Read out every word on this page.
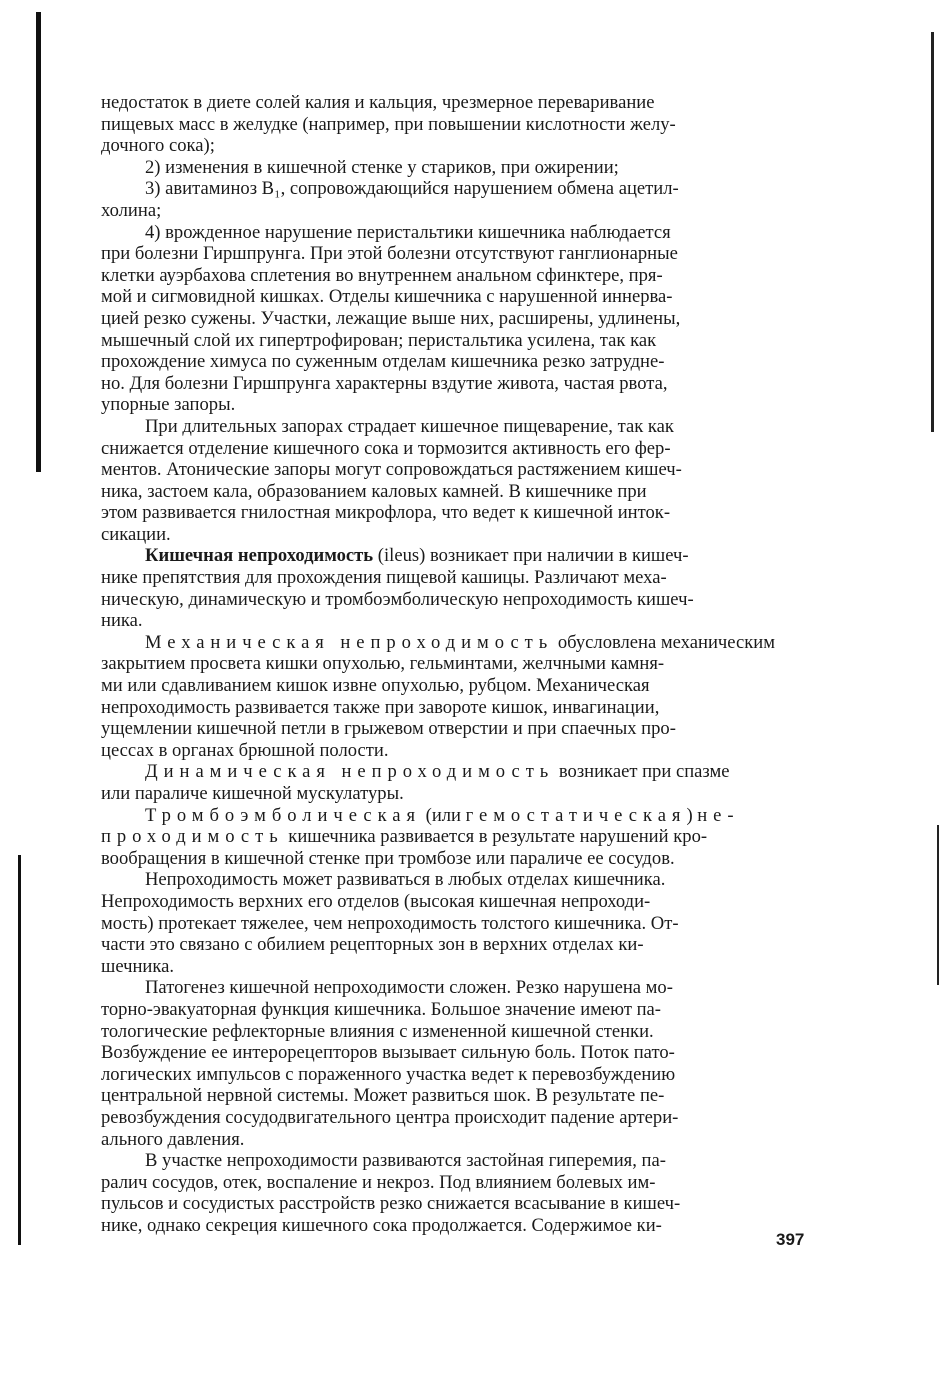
недостаток в диете солей калия и кальция, чрезмерное переваривание
пищевых масс в желудке (например, при повышении кислотности желу-
дочного сока);

2) изменения в кишечной стенке у стариков, при ожирении;

3) авитаминоз B₁, сопровождающийся нарушением обмена ацетил-
холина;

4) врожденное нарушение перистальтики кишечника наблюдается
при болезни Гиршпрунга. При этой болезни отсутствуют ганглионарные
клетки ауэрбахова сплетения во внутреннем анальном сфинктере, пря-
мой и сигмовидной кишках. Отделы кишечника с нарушенной иннерва-
цией резко сужены. Участки, лежащие выше них, расширены, удлинены,
мышечный слой их гипертрофирован; перистальтика усилена, так как
прохождение химуса по суженным отделам кишечника резко затрудне-
но. Для болезни Гиршпрунга характерны вздутие живота, частая рвота,
упорные запоры.

При длительных запорах страдает кишечное пищеварение, так как
снижается отделение кишечного сока и тормозится активность его фер-
ментов. Атонические запоры могут сопровождаться растяжением кишеч-
ника, застоем кала, образованием каловых камней. В кишечнике при
этом развивается гнилостная микрофлора, что ведет к кишечной инток-
сикации.

Кишечная непроходимость (ileus) возникает при наличии в кишеч-
нике препятствия для прохождения пищевой кашицы. Различают меха-
ническую, динамическую и тромбоэмболическую непроходимость кишеч-
ника.

Механическая непроходимость обусловлена механическим
закрытием просвета кишки опухолью, гельминтами, желчными камня-
ми или сдавливанием кишок извне опухолью, рубцом. Механическая
непроходимость развивается также при завороте кишок, инвагинации,
ущемлении кишечной петли в грыжевом отверстии и при спаечных про-
цессах в органах брюшной полости.

Динамическая непроходимость возникает при спазме
или параличе кишечной мускулатуры.

Тромбоэмболическая (или гемостатическая) не-
проходимость кишечника развивается в результате нарушений кро-
вообращения в кишечной стенке при тромбозе или параличе ее сосудов.

Непроходимость может развиваться в любых отделах кишечника.
Непроходимость верхних его отделов (высокая кишечная непроходи-
мость) протекает тяжелее, чем непроходимость толстого кишечника. От-
части это связано с обилием рецепторных зон в верхних отделах ки-
шечника.

Патогенез кишечной непроходимости сложен. Резко нарушена мо-
торно-эвакуаторная функция кишечника. Большое значение имеют па-
тологические рефлекторные влияния с измененной кишечной стенки.
Возбуждение ее интерорецепторов вызывает сильную боль. Поток пато-
логических импульсов с пораженного участка ведет к перевозбуждению
центральной нервной системы. Может развиться шок. В результате пе-
ревозбуждения сосудодвигательного центра происходит падение артери-
ального давления.

В участке непроходимости развиваются застойная гиперемия, па-
ралич сосудов, отек, воспаление и некроз. Под влиянием болевых им-
пульсов и сосудистых расстройств резко снижается всасывание в кишеч-
нике, однако секреция кишечного сока продолжается. Содержимое ки-

397
